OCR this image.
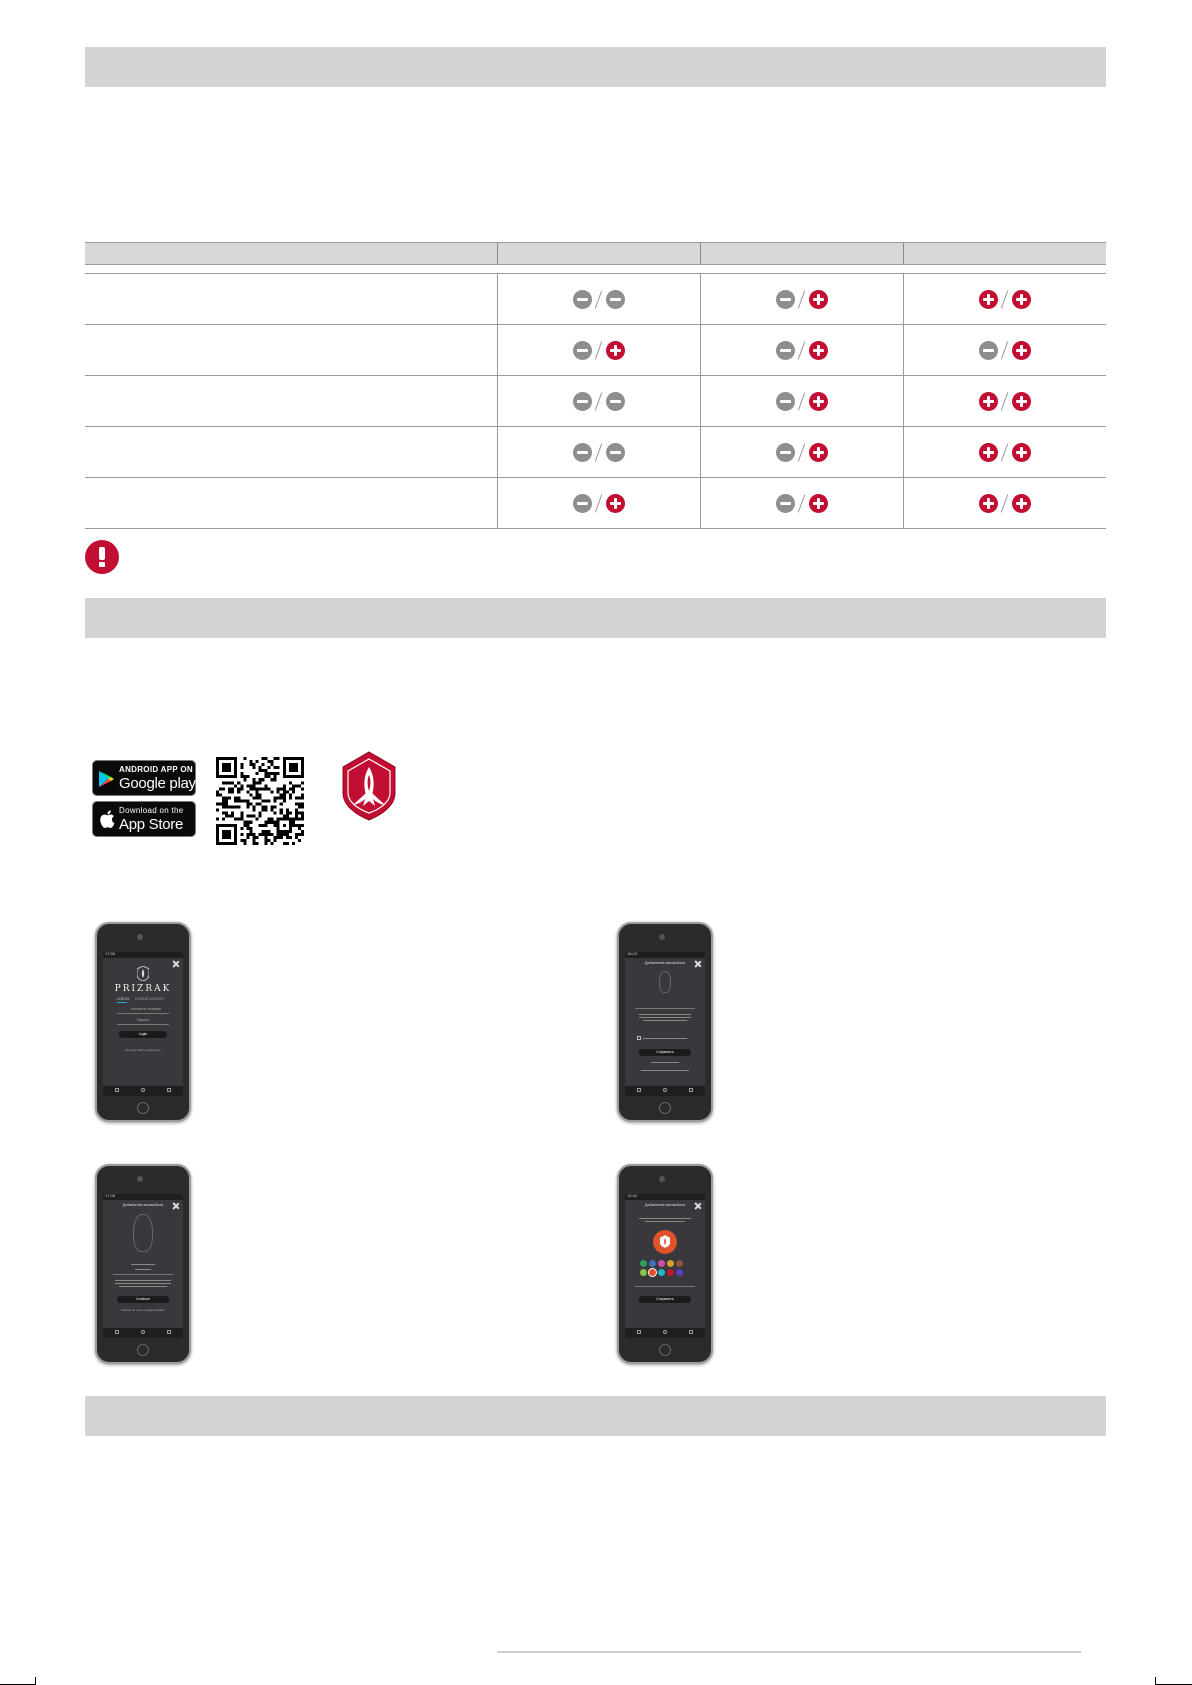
ANDROID APP ON
Google play
Download on the
App Store
17:36
PRIZRAK
LOG IN НОВЫЙ АККАУНТ
Контакты телефон
Пароль
Login
Не могу войти в аккаунт?
18:23
Добавление автомобиля
Сохранить
17:08
Добавление автомобиля
Continue
Кнопка по полю предустановки
15:40
Добавление автомобиля
Сохранить
